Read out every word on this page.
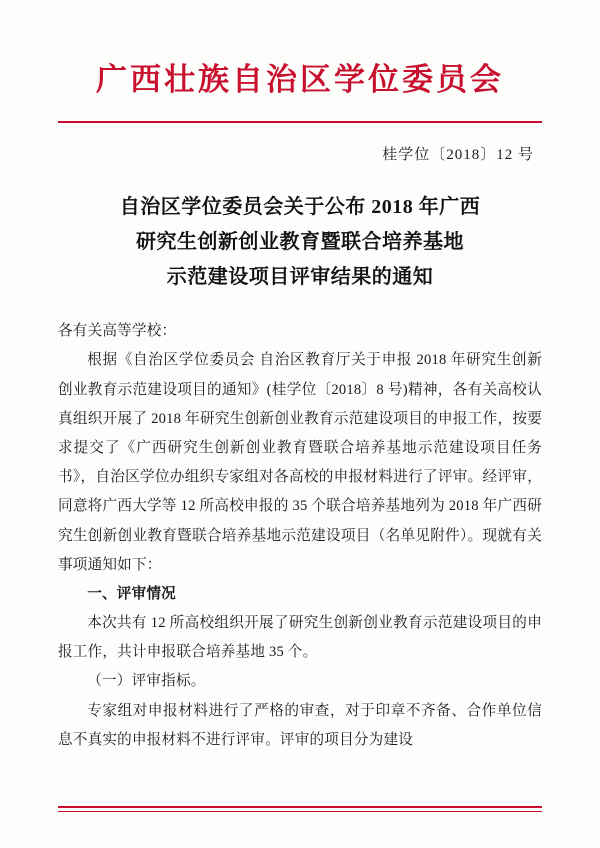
广西壮族自治区学位委员会
桂学位〔2018〕12 号
自治区学位委员会关于公布 2018 年广西
研究生创新创业教育暨联合培养基地
示范建设项目评审结果的通知

各有关高等学校：

根据《自治区学位委员会 自治区教育厅关于申报 2018 年研究生创新创业教育示范建设项目的通知》(桂学位〔2018〕8 号)精神，各有关高校认真组织开展了 2018 年研究生创新创业教育示范建设项目的申报工作，按要求提交了《广西研究生创新创业教育暨联合培养基地示范建设项目任务书》，自治区学位办组织专家组对各高校的申报材料进行了评审。经评审，同意将广西大学等 12 所高校申报的 35 个联合培养基地列为 2018 年广西研究生创新创业教育暨联合培养基地示范建设项目（名单见附件）。现就有关事项通知如下：

一、评审情况

本次共有 12 所高校组织开展了研究生创新创业教育示范建设项目的申报工作，共计申报联合培养基地 35 个。

（一）评审指标。

专家组对申报材料进行了严格的审查，对于印章不齐备、合作单位信息不真实的申报材料不进行评审。评审的项目分为建设
